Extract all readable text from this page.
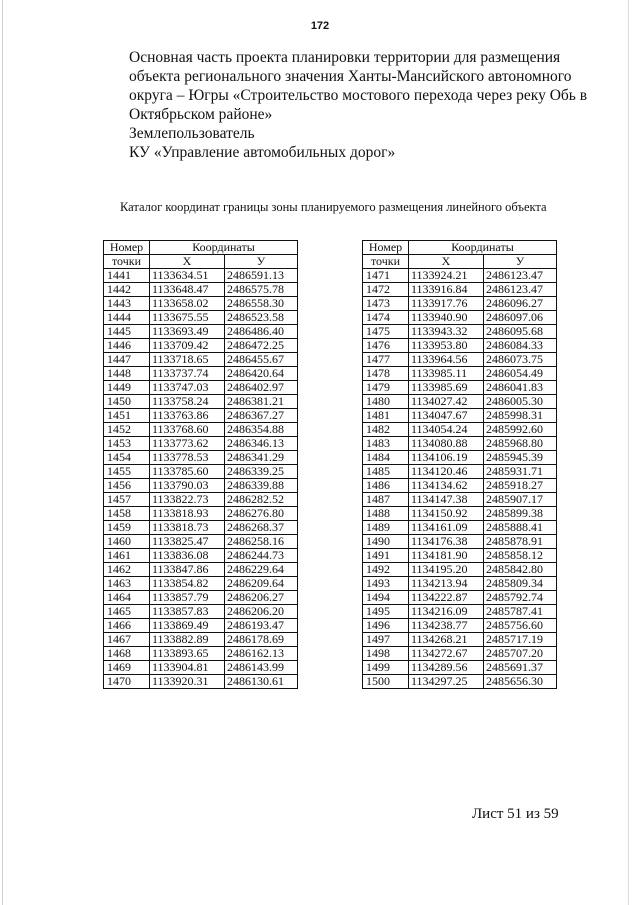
172
Основная часть проекта планировки территории для размещения
объекта регионального значения Ханты-Мансийского автономного
округа – Югры «Строительство мостового перехода через реку Обь в
Октябрьском районе»
Землепользователь
КУ «Управление автомобильных дорог»
Каталог координат границы зоны планируемого размещения линейного объекта
Номер	Координаты	
точки	X	У
1441	1133634.51	2486591.13
1442	1133648.47	2486575.78
1443	1133658.02	2486558.30
1444	1133675.55	2486523.58
1445	1133693.49	2486486.40
1446	1133709.42	2486472.25
1447	1133718.65	2486455.67
1448	1133737.74	2486420.64
1449	1133747.03	2486402.97
1450	1133758.24	2486381.21
1451	1133763.86	2486367.27
1452	1133768.60	2486354.88
1453	1133773.62	2486346.13
1454	1133778.53	2486341.29
1455	1133785.60	2486339.25
1456	1133790.03	2486339.88
1457	1133822.73	2486282.52
1458	1133818.93	2486276.80
1459	1133818.73	2486268.37
1460	1133825.47	2486258.16
1461	1133836.08	2486244.73
1462	1133847.86	2486229.64
1463	1133854.82	2486209.64
1464	1133857.79	2486206.27
1465	1133857.83	2486206.20
1466	1133869.49	2486193.47
1467	1133882.89	2486178.69
1468	1133893.65	2486162.13
1469	1133904.81	2486143.99
1470	1133920.31	2486130.61
Номер	Координаты	
точки	X	У
1471	1133924.21	2486123.47
1472	1133916.84	2486123.47
1473	1133917.76	2486096.27
1474	1133940.90	2486097.06
1475	1133943.32	2486095.68
1476	1133953.80	2486084.33
1477	1133964.56	2486073.75
1478	1133985.11	2486054.49
1479	1133985.69	2486041.83
1480	1134027.42	2486005.30
1481	1134047.67	2485998.31
1482	1134054.24	2485992.60
1483	1134080.88	2485968.80
1484	1134106.19	2485945.39
1485	1134120.46	2485931.71
1486	1134134.62	2485918.27
1487	1134147.38	2485907.17
1488	1134150.92	2485899.38
1489	1134161.09	2485888.41
1490	1134176.38	2485878.91
1491	1134181.90	2485858.12
1492	1134195.20	2485842.80
1493	1134213.94	2485809.34
1494	1134222.87	2485792.74
1495	1134216.09	2485787.41
1496	1134238.77	2485756.60
1497	1134268.21	2485717.19
1498	1134272.67	2485707.20
1499	1134289.56	2485691.37
1500	1134297.25	2485656.30
Лист 51 из 59
